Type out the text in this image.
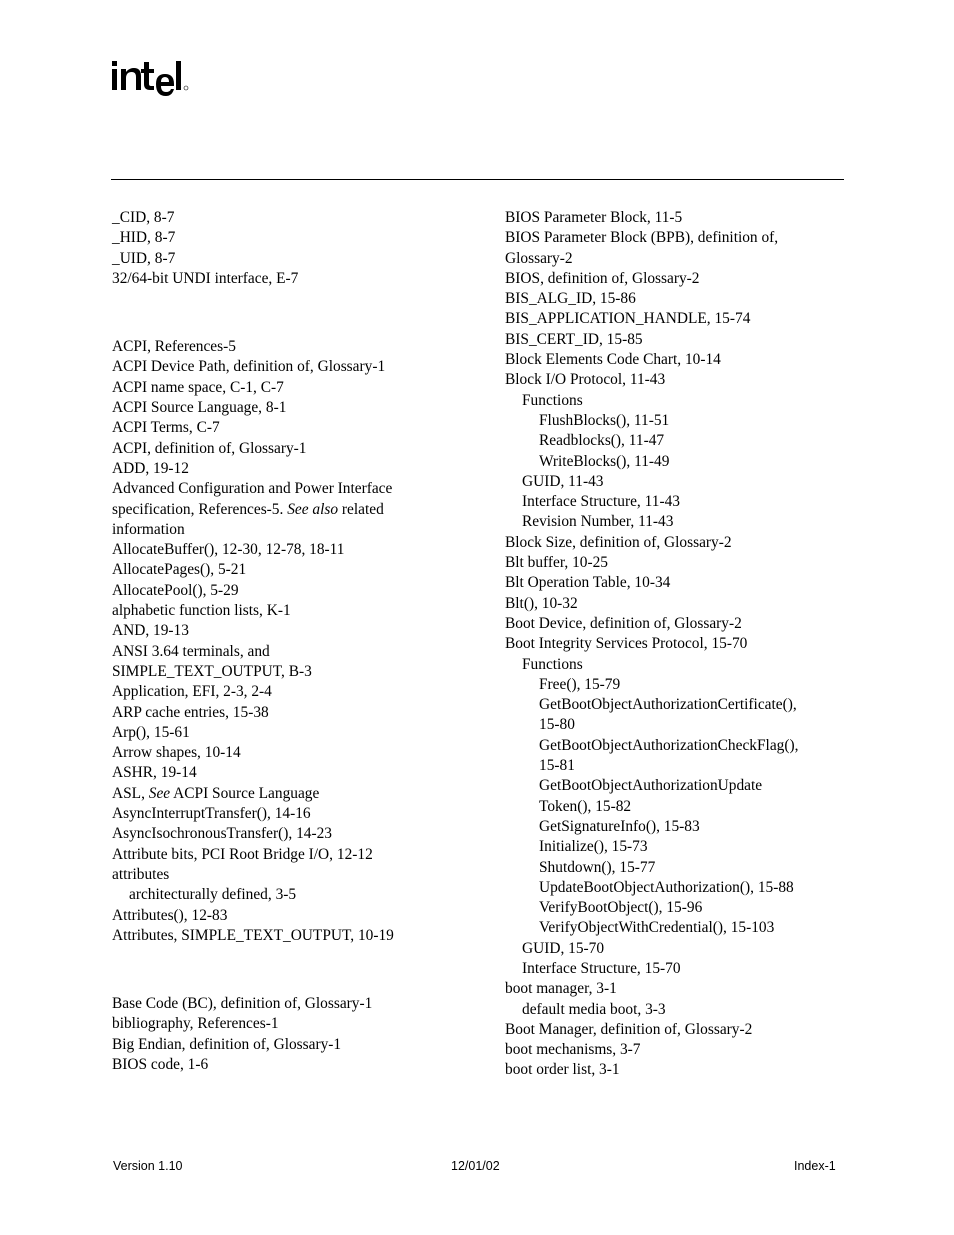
_CID, 8-7
_HID, 8-7
_UID, 8-7
32/64-bit UNDI interface, E-7
ACPI, References-5
ACPI Device Path, definition of, Glossary-1
ACPI name space, C-1, C-7
ACPI Source Language, 8-1
ACPI Terms, C-7
ACPI, definition of, Glossary-1
ADD, 19-12
Advanced Configuration and Power Interface
specification, References-5. See also related
information
AllocateBuffer(), 12-30, 12-78, 18-11
AllocatePages(), 5-21
AllocatePool(), 5-29
alphabetic function lists, K-1
AND, 19-13
ANSI 3.64 terminals, and
SIMPLE_TEXT_OUTPUT, B-3
Application, EFI, 2-3, 2-4
ARP cache entries, 15-38
Arp(), 15-61
Arrow shapes, 10-14
ASHR, 19-14
ASL, See ACPI Source Language
AsyncInterruptTransfer(), 14-16
AsyncIsochronousTransfer(), 14-23
Attribute bits, PCI Root Bridge I/O, 12-12
attributes
architecturally defined, 3-5
Attributes(), 12-83
Attributes, SIMPLE_TEXT_OUTPUT, 10-19
Base Code (BC), definition of, Glossary-1
bibliography, References-1
Big Endian, definition of, Glossary-1
BIOS code, 1-6
BIOS Parameter Block, 11-5
BIOS Parameter Block (BPB), definition of,
Glossary-2
BIOS, definition of, Glossary-2
BIS_ALG_ID, 15-86
BIS_APPLICATION_HANDLE, 15-74
BIS_CERT_ID, 15-85
Block Elements Code Chart, 10-14
Block I/O Protocol, 11-43
Functions
FlushBlocks(), 11-51
Readblocks(), 11-47
WriteBlocks(), 11-49
GUID, 11-43
Interface Structure, 11-43
Revision Number, 11-43
Block Size, definition of, Glossary-2
Blt buffer, 10-25
Blt Operation Table, 10-34
Blt(), 10-32
Boot Device, definition of, Glossary-2
Boot Integrity Services Protocol, 15-70
Functions
Free(), 15-79
GetBootObjectAuthorizationCertificate(),
15-80
GetBootObjectAuthorizationCheckFlag(),
15-81
GetBootObjectAuthorizationUpdate
Token(), 15-82
GetSignatureInfo(), 15-83
Initialize(), 15-73
Shutdown(), 15-77
UpdateBootObjectAuthorization(), 15-88
VerifyBootObject(), 15-96
VerifyObjectWithCredential(), 15-103
GUID, 15-70
Interface Structure, 15-70
boot manager, 3-1
default media boot, 3-3
Boot Manager, definition of, Glossary-2
boot mechanisms, 3-7
boot order list, 3-1
Version 1.10	12/01/02	Index-1
